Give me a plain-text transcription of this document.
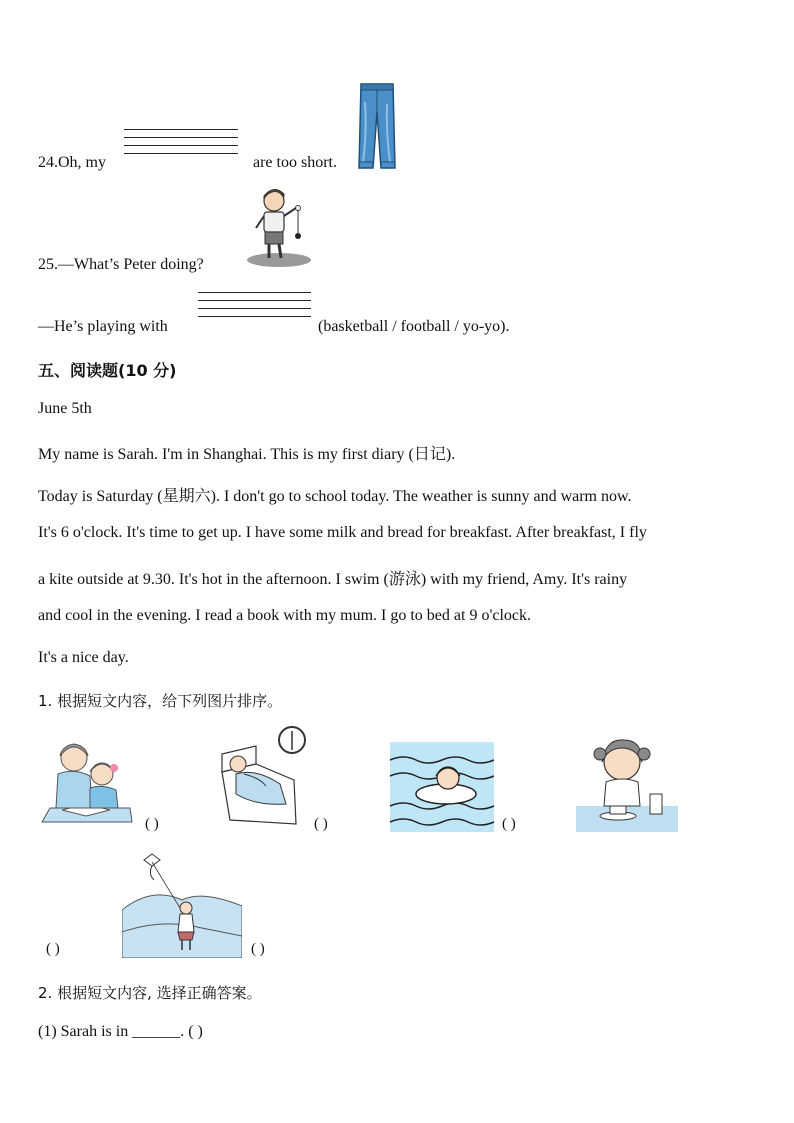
24.Oh, my	are too short.
25.—What’s Peter doing?
—He’s playing with	(basketball / football / yo-yo).
五、阅读题(10 分)
June 5th
My name is Sarah. I'm in Shanghai. This is my first diary (日记).
Today is Saturday (星期六). I don't go to school today. The weather is sunny and warm now.
It's 6 o'clock. It's time to get up. I have some milk and bread for breakfast. After breakfast, I fly
a kite outside at 9.30. It's hot in the afternoon. I swim (游泳) with my friend, Amy. It's rainy
and cool in the evening. I read a book with my mum. I go to bed at 9 o'clock.
It's a nice day.
1. 根据短文内容，给下列图片排序。
( )	( )	( )
( )	( )
2. 根据短文内容, 选择正确答案。
(1) Sarah is in ______. ( )
